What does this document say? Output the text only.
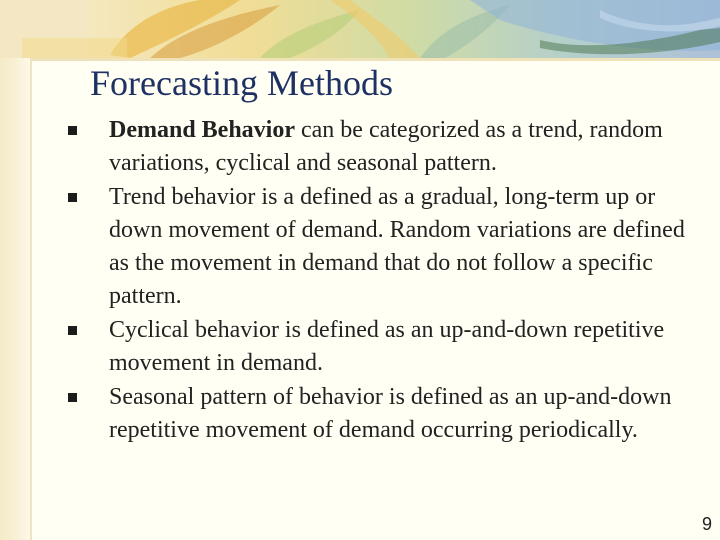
Forecasting Methods
Demand Behavior can be categorized as a trend, random variations, cyclical and seasonal pattern.
Trend behavior is a defined as a gradual, long-term up or down movement of demand. Random variations are defined as the movement in demand that do not follow a specific pattern.
Cyclical behavior is defined as an up-and-down repetitive movement in demand.
Seasonal pattern of behavior is defined as an up-and-down repetitive movement of demand occurring periodically.
9
